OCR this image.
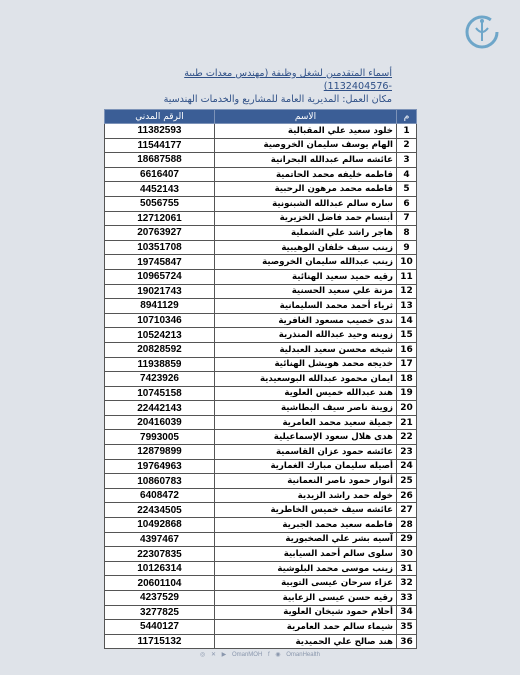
أسماء المتقدمين لشغل وظيفة (مهندس معدات طبية -1132404576)
مكان العمل: المديرية العامة للمشاريع والخدمات الهندسية
م	الاسم	الرقم المدني
1	خلود سعيد علي المقبالية	11382593
2	الهام يوسف سليمان الخروصية	11544177
3	عائشه سالم عبدالله البحرانية	18687588
4	فاطمه خليفه محمد الحاتمية	6616407
5	فاطمه محمد مرهون الرحبية	4452143
6	ساره سالم عبدالله الشبنونية	5056755
7	أبتسام حمد فاضل الخزيرية	12712061
8	هاجر راشد علي الشملية	20763927
9	زينب سيف خلفان الوهيبية	10351708
10	زينب عبدالله سليمان الخروصية	19745847
11	رقيه حميد سعيد الهنائية	10965724
12	مزنة علي سعيد الحسنية	19021743
13	ثرياء أحمد محمد السليمانية	8941129
14	ندى خصيب مسعود الغافرية	10710346
15	زوينه وحيد عبدالله المنذرية	10524213
16	شيخه محسن سعيد العبدلية	20828592
17	خديجه محمد هويشل الهنائية	11938859
18	ايمان محمود عبدالله البوسعيدية	7423926
19	هند عبدالله خميس العلوية	10745158
20	زوينة ناصر سيف البطاشية	22442143
21	جميلة سعيد محمد العامرية	20416039
22	هدى هلال سعود الإسماعيلية	7993005
23	عائشه حمود عزان القاسمية	12879899
24	أصيله سليمان مبارك الغمارية	19764963
25	أنوار حمود ناصر النعمانية	10860783
26	خوله حمد راشد الزيدية	6408472
27	عائشه سيف خميس الخاطرية	22434505
28	فاطمه سعيد محمد الجبرية	10492868
29	آسيه بشر علي الصخبورية	4397467
30	سلوى سالم أحمد السيابية	22307835
31	زينب موسى محمد البلوشية	10126314
32	عزاء سرحان عيسى التوبية	20601104
33	رقيه حسن عيسى الزعابية	4237529
34	أحلام حمود شيخان العلوية	3277825
35	شيماء سالم حمد العامرية	5440127
36	هند صالح علي الحميدية	11715132
◎ ✕ ▶ OmanMOH f ◉ OmanHealth
